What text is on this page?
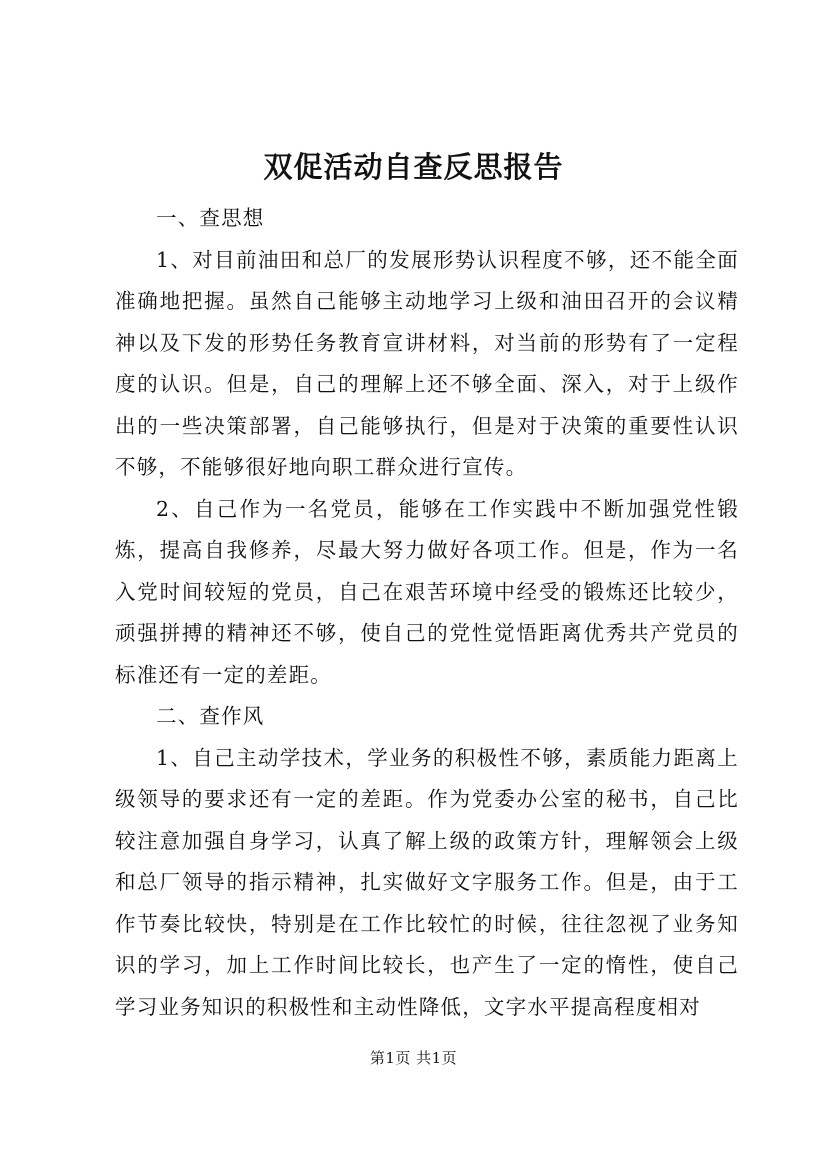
双促活动自查反思报告

一、查思想

1、对目前油田和总厂的发展形势认识程度不够，还不能全面准确地把握。虽然自己能够主动地学习上级和油田召开的会议精神以及下发的形势任务教育宣讲材料，对当前的形势有了一定程度的认识。但是，自己的理解上还不够全面、深入，对于上级作出的一些决策部署，自己能够执行，但是对于决策的重要性认识不够，不能够很好地向职工群众进行宣传。

2、自己作为一名党员，能够在工作实践中不断加强党性锻炼，提高自我修养，尽最大努力做好各项工作。但是，作为一名入党时间较短的党员，自己在艰苦环境中经受的锻炼还比较少，顽强拼搏的精神还不够，使自己的党性觉悟距离优秀共产党员的标准还有一定的差距。

二、查作风

1、自己主动学技术，学业务的积极性不够，素质能力距离上级领导的要求还有一定的差距。作为党委办公室的秘书，自己比较注意加强自身学习，认真了解上级的政策方针，理解领会上级和总厂领导的指示精神，扎实做好文字服务工作。但是，由于工作节奏比较快，特别是在工作比较忙的时候，往往忽视了业务知识的学习，加上工作时间比较长，也产生了一定的惰性，使自己学习业务知识的积极性和主动性降低，文字水平提高程度相对

第1页 共1页
